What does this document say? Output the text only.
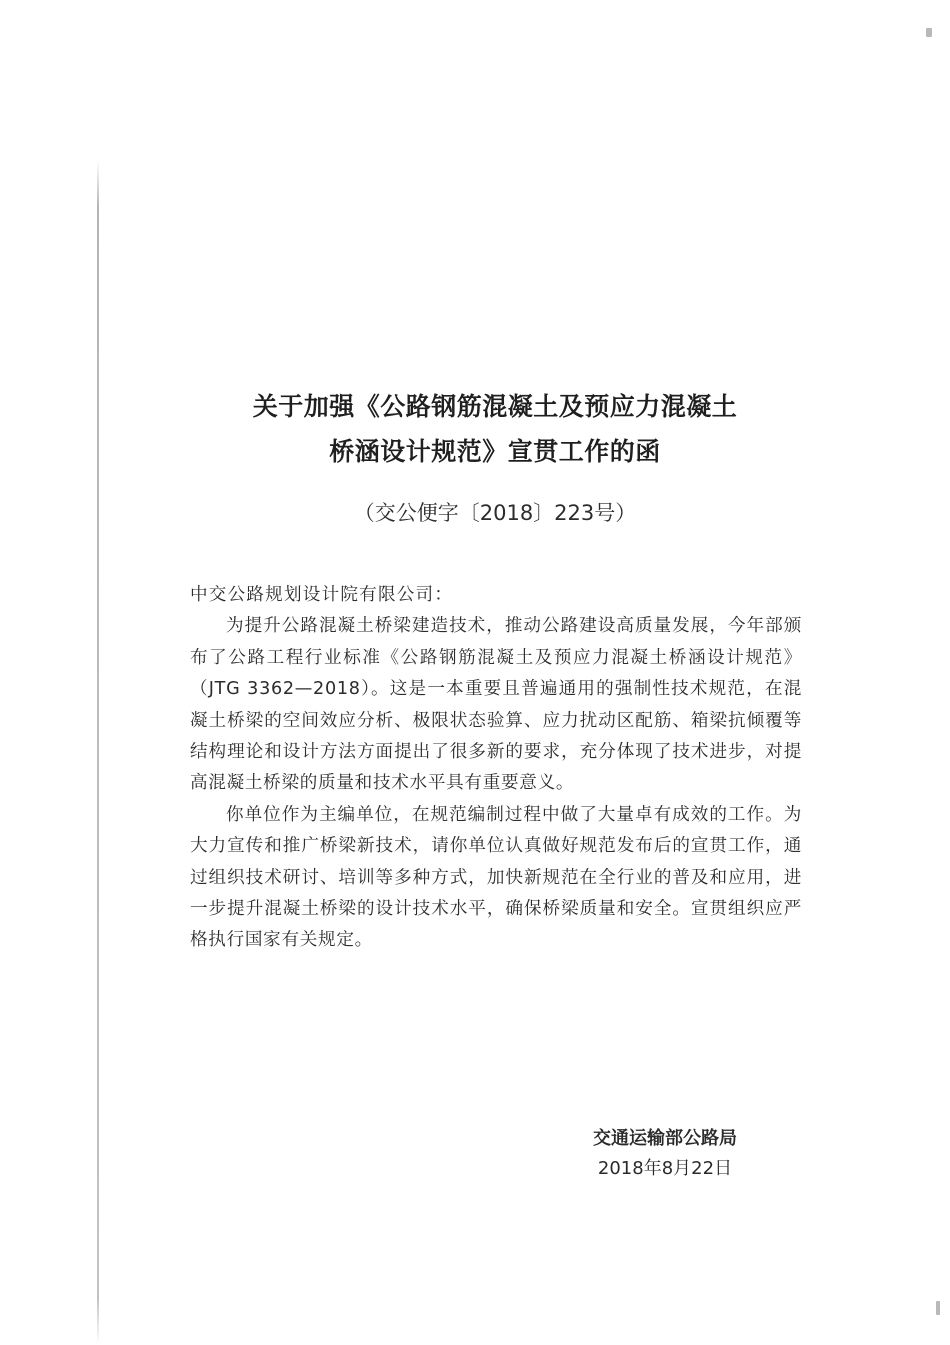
关于加强《公路钢筋混凝土及预应力混凝土
桥涵设计规范》宣贯工作的函
（交公便字〔2018〕223号）
中交公路规划设计院有限公司：

为提升公路混凝土桥梁建造技术，推动公路建设高质量发展，今年部颁布了公路工程行业标准《公路钢筋混凝土及预应力混凝土桥涵设计规范》（JTG 3362—2018）。这是一本重要且普遍通用的强制性技术规范，在混凝土桥梁的空间效应分析、极限状态验算、应力扰动区配筋、箱梁抗倾覆等结构理论和设计方法方面提出了很多新的要求，充分体现了技术进步，对提高混凝土桥梁的质量和技术水平具有重要意义。

你单位作为主编单位，在规范编制过程中做了大量卓有成效的工作。为大力宣传和推广桥梁新技术，请你单位认真做好规范发布后的宣贯工作，通过组织技术研讨、培训等多种方式，加快新规范在全行业的普及和应用，进一步提升混凝土桥梁的设计技术水平，确保桥梁质量和安全。宣贯组织应严格执行国家有关规定。

交通运输部公路局
2018年8月22日
